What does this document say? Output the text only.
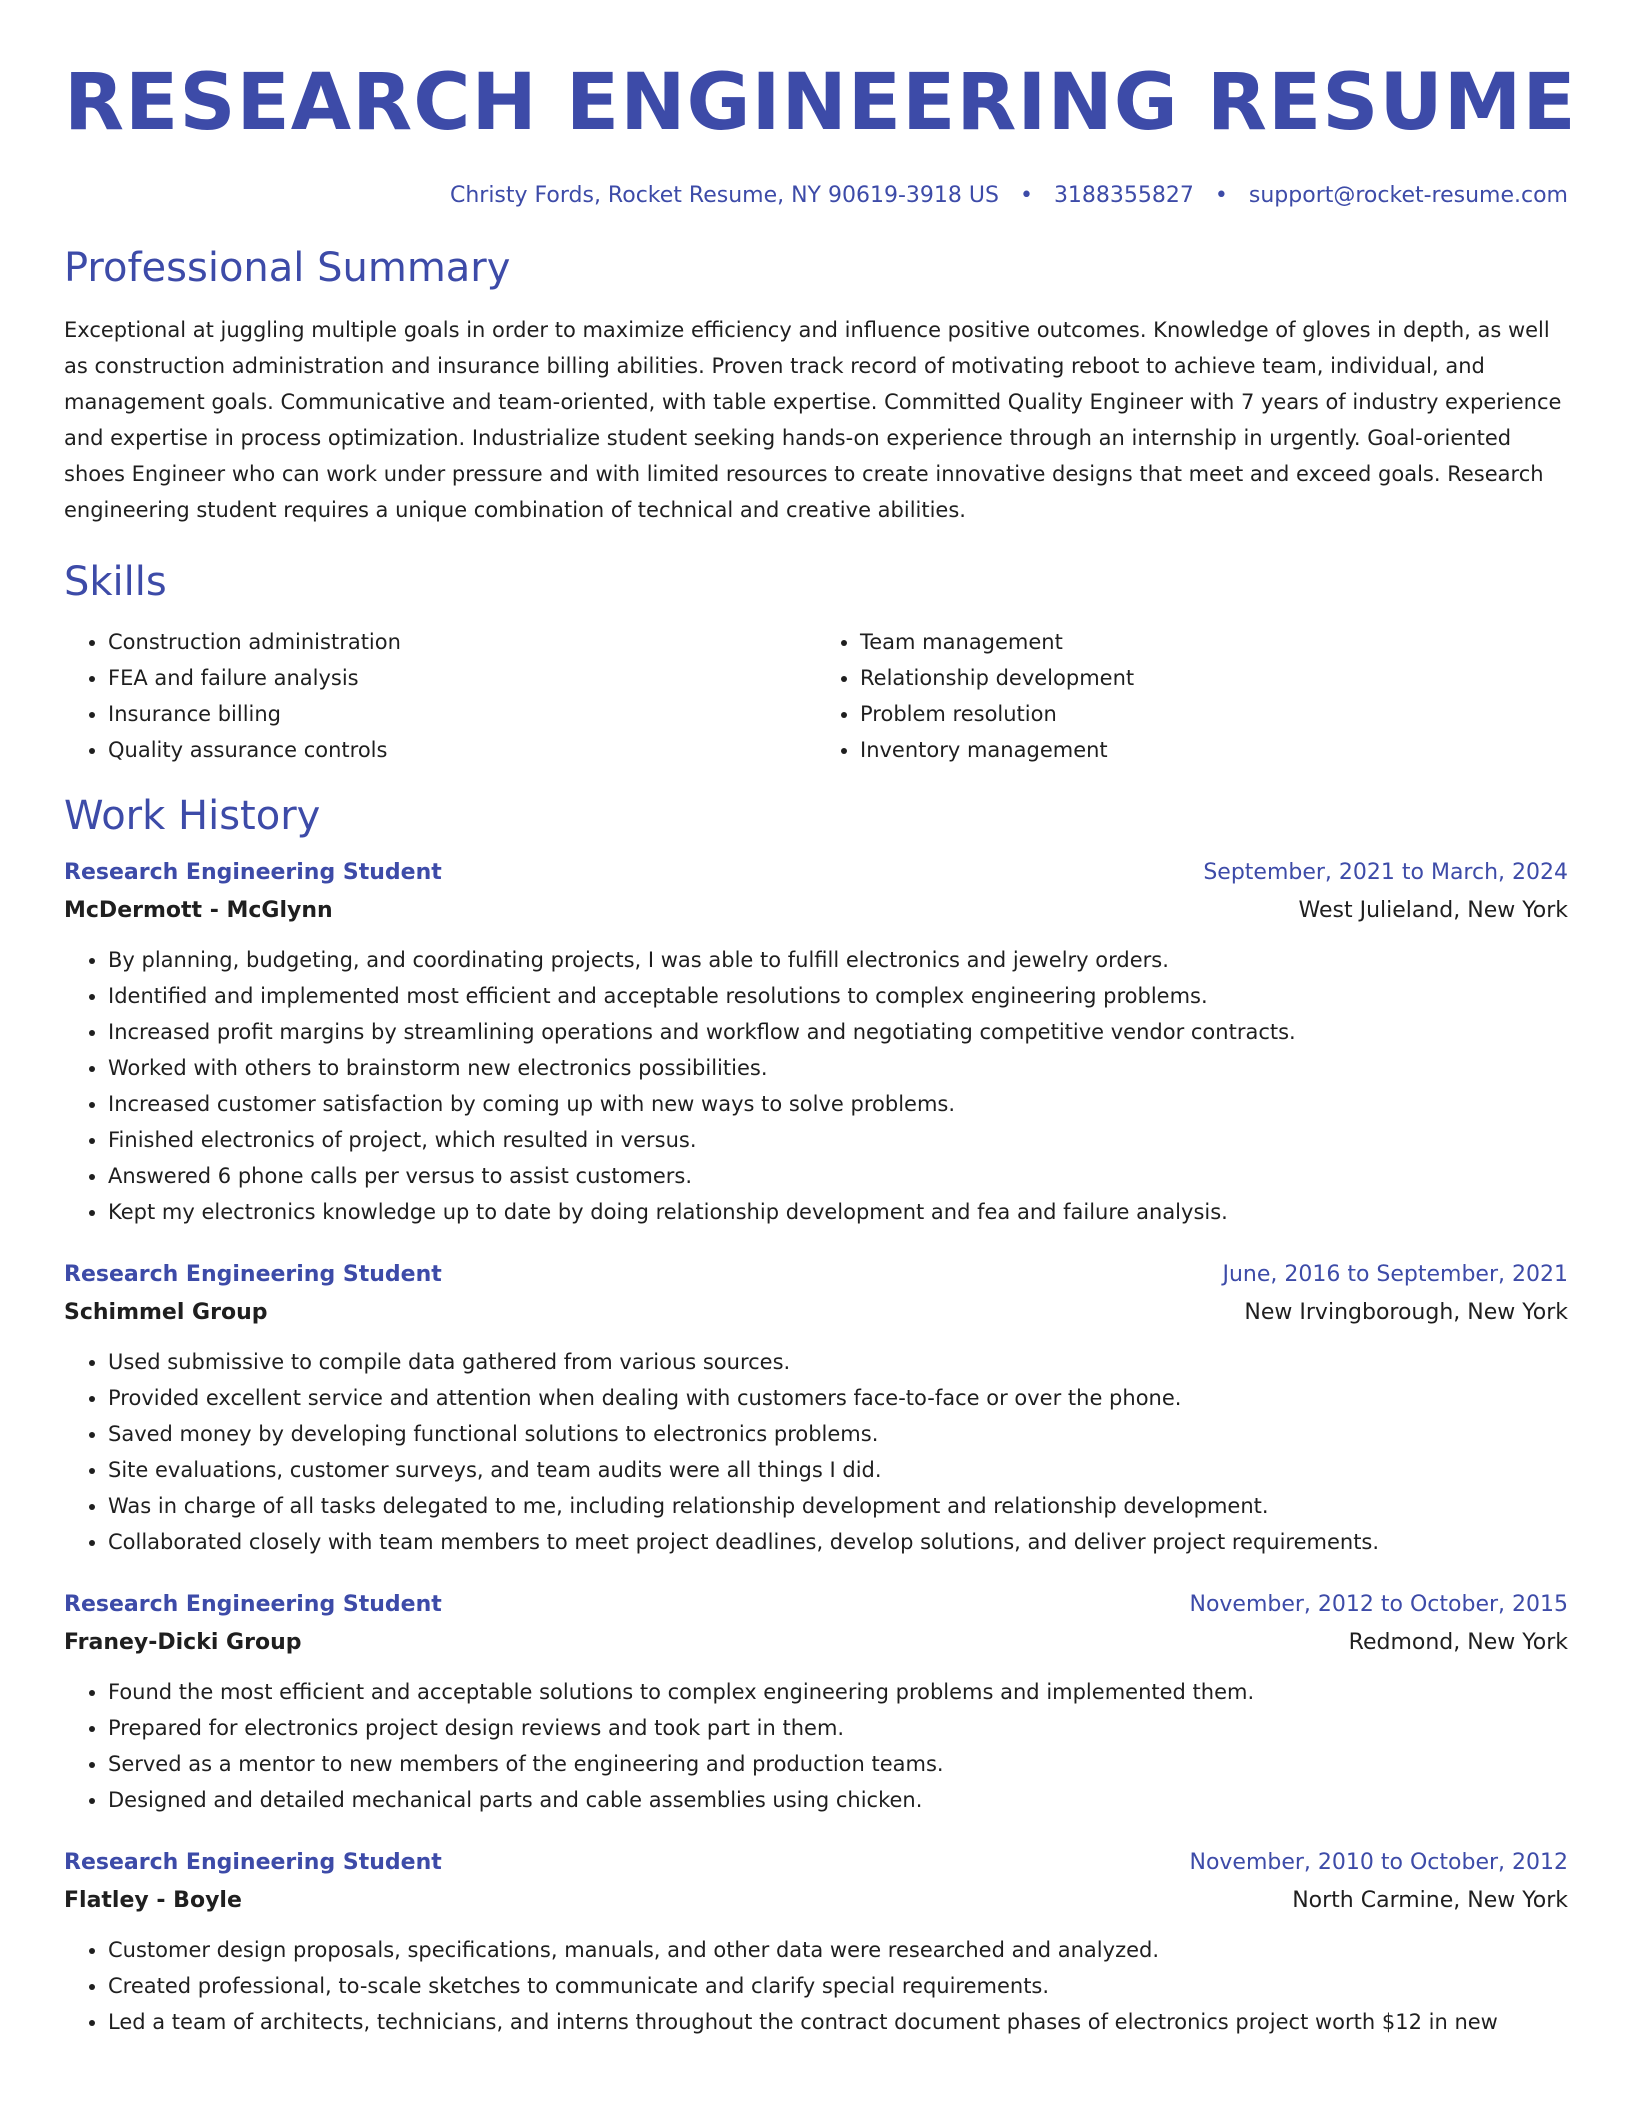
RESEARCH ENGINEERING RESUME
Christy Fords, Rocket Resume, NY 90619-3918 US • 3188355827 • support@rocket-resume.com
Professional Summary
Exceptional at juggling multiple goals in order to maximize efficiency and influence positive outcomes. Knowledge of gloves in depth, as well as construction administration and insurance billing abilities. Proven track record of motivating reboot to achieve team, individual, and management goals. Communicative and team-oriented, with table expertise. Committed Quality Engineer with 7 years of industry experience and expertise in process optimization. Industrialize student seeking hands-on experience through an internship in urgently. Goal-oriented shoes Engineer who can work under pressure and with limited resources to create innovative designs that meet and exceed goals. Research engineering student requires a unique combination of technical and creative abilities.
Skills
• Construction administration
• FEA and failure analysis
• Insurance billing
• Quality assurance controls
• Team management
• Relationship development
• Problem resolution
• Inventory management
Work History
Research Engineering Student	September, 2021 to March, 2024
McDermott - McGlynn	West Julieland, New York
• By planning, budgeting, and coordinating projects, I was able to fulfill electronics and jewelry orders.
• Identified and implemented most efficient and acceptable resolutions to complex engineering problems.
• Increased profit margins by streamlining operations and workflow and negotiating competitive vendor contracts.
• Worked with others to brainstorm new electronics possibilities.
• Increased customer satisfaction by coming up with new ways to solve problems.
• Finished electronics of project, which resulted in versus.
• Answered 6 phone calls per versus to assist customers.
• Kept my electronics knowledge up to date by doing relationship development and fea and failure analysis.
Research Engineering Student	June, 2016 to September, 2021
Schimmel Group	New Irvingborough, New York
• Used submissive to compile data gathered from various sources.
• Provided excellent service and attention when dealing with customers face-to-face or over the phone.
• Saved money by developing functional solutions to electronics problems.
• Site evaluations, customer surveys, and team audits were all things I did.
• Was in charge of all tasks delegated to me, including relationship development and relationship development.
• Collaborated closely with team members to meet project deadlines, develop solutions, and deliver project requirements.
Research Engineering Student	November, 2012 to October, 2015
Franey-Dicki Group	Redmond, New York
• Found the most efficient and acceptable solutions to complex engineering problems and implemented them.
• Prepared for electronics project design reviews and took part in them.
• Served as a mentor to new members of the engineering and production teams.
• Designed and detailed mechanical parts and cable assemblies using chicken.
Research Engineering Student	November, 2010 to October, 2012
Flatley - Boyle	North Carmine, New York
• Customer design proposals, specifications, manuals, and other data were researched and analyzed.
• Created professional, to-scale sketches to communicate and clarify special requirements.
• Led a team of architects, technicians, and interns throughout the contract document phases of electronics project worth $12 in new
